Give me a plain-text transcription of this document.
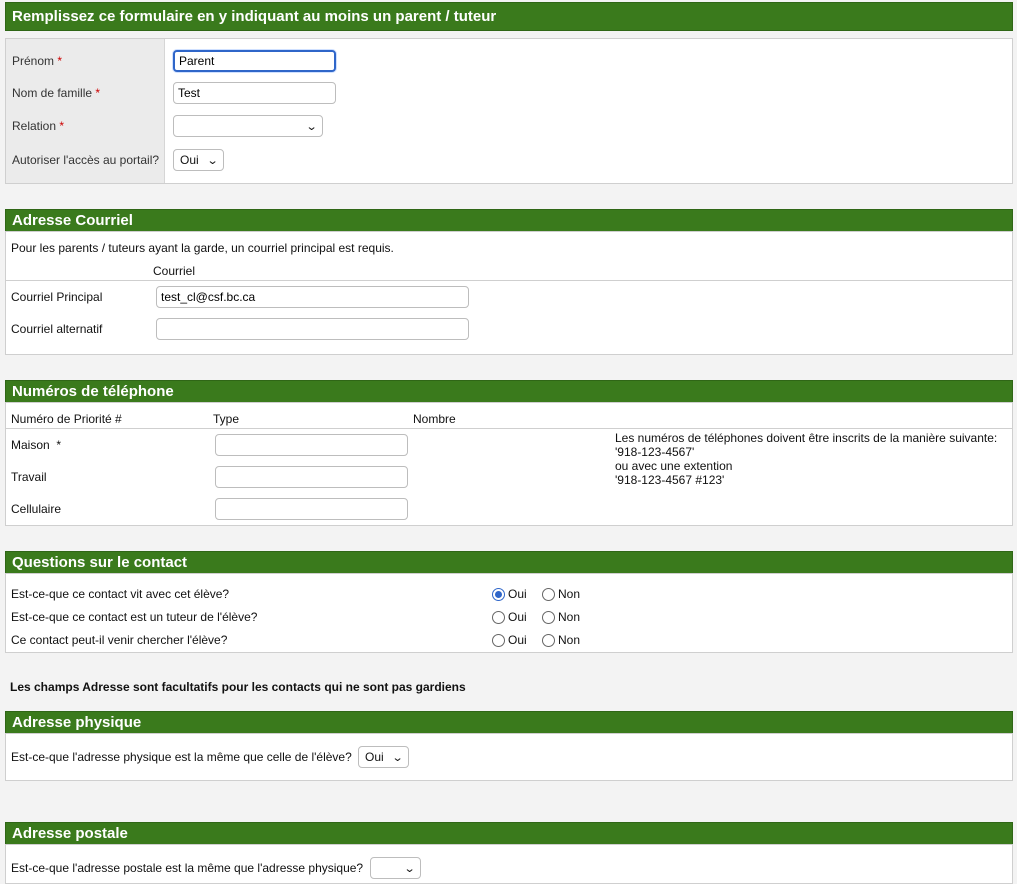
Remplissez ce formulaire en y indiquant au moins un parent / tuteur
Prénom *
Parent
Nom de famille *
Test
Relation *	⌄
Autoriser l'accès au portail? Oui ⌄
Adresse Courriel
Pour les parents / tuteurs ayant la garde, un courriel principal est requis.
Courriel
Courriel Principal
test_cl@csf.bc.ca
Courriel alternatif
Numéros de téléphone
Numéro de Priorité #	Type	Nombre
Maison  *
Travail
Cellulaire
Les numéros de téléphones doivent être inscrits de la manière suivante:
'918-123-4567'
ou avec une extention
'918-123-4567 #123'
Questions sur le contact
Est-ce-que ce contact vit avec cet élève?	Oui	Non
Est-ce-que ce contact est un tuteur de l'élève?	Oui	Non
Ce contact peut-il venir chercher l'élève?	Oui	Non
Les champs Adresse sont facultatifs pour les contacts qui ne sont pas gardiens
Adresse physique
Est-ce-que l'adresse physique est la même que celle de l'élève? Oui ⌄
Adresse postale
Est-ce-que l'adresse postale est la même que l'adresse physique?	⌄
